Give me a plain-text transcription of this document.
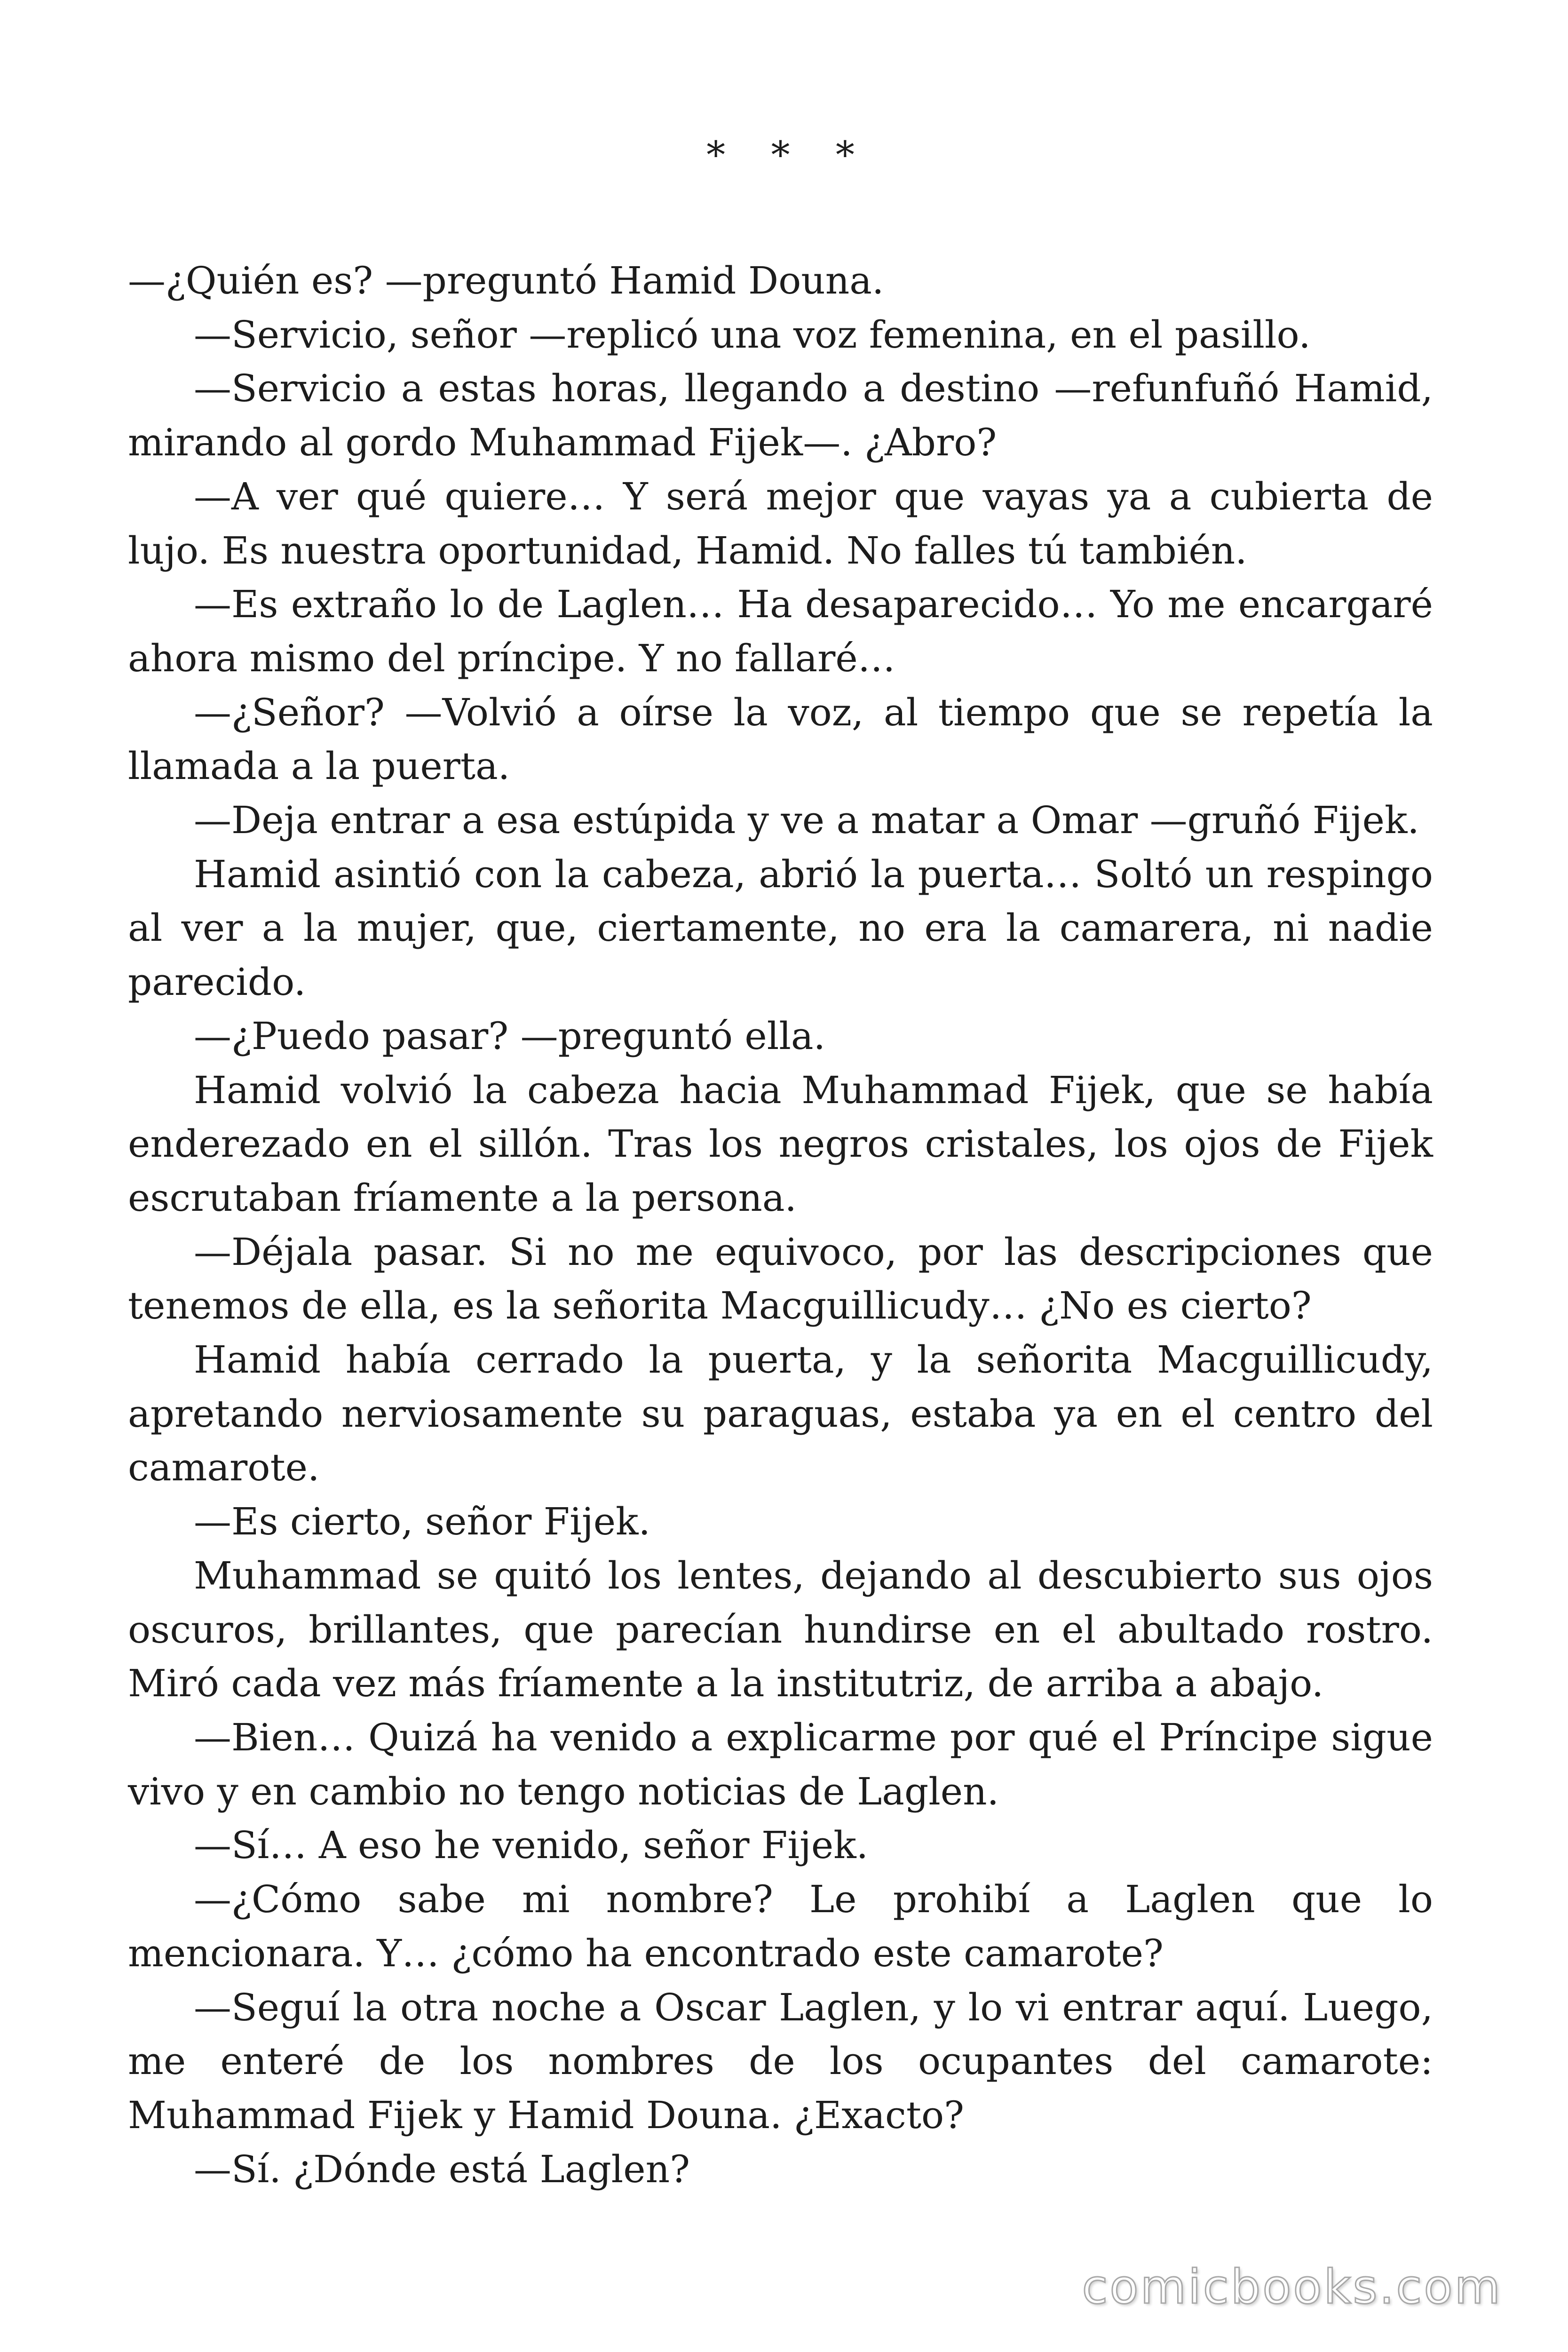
* * *

—¿Quién es? —preguntó Hamid Douna.

—Servicio, señor —replicó una voz femenina, en el pasillo.

—Servicio a estas horas, llegando a destino —refunfuñó Hamid, mirando al gordo Muhammad Fijek—. ¿Abro?

—A ver qué quiere… Y será mejor que vayas ya a cubierta de lujo. Es nuestra oportunidad, Hamid. No falles tú también.

—Es extraño lo de Laglen… Ha desaparecido… Yo me encargaré ahora mismo del príncipe. Y no fallaré…

—¿Señor? —Volvió a oírse la voz, al tiempo que se repetía la llamada a la puerta.

—Deja entrar a esa estúpida y ve a matar a Omar —gruñó Fijek.

Hamid asintió con la cabeza, abrió la puerta… Soltó un respingo al ver a la mujer, que, ciertamente, no era la camarera, ni nadie parecido.

—¿Puedo pasar? —preguntó ella.

Hamid volvió la cabeza hacia Muhammad Fijek, que se había enderezado en el sillón. Tras los negros cristales, los ojos de Fijek escrutaban fríamente a la persona.

—Déjala pasar. Si no me equivoco, por las descripciones que tenemos de ella, es la señorita Macguillicudy… ¿No es cierto?

Hamid había cerrado la puerta, y la señorita Macguillicudy, apretando nerviosamente su paraguas, estaba ya en el centro del camarote.

—Es cierto, señor Fijek.

Muhammad se quitó los lentes, dejando al descubierto sus ojos oscuros, brillantes, que parecían hundirse en el abultado rostro. Miró cada vez más fríamente a la institutriz, de arriba a abajo.

—Bien… Quizá ha venido a explicarme por qué el Príncipe sigue vivo y en cambio no tengo noticias de Laglen.

—Sí… A eso he venido, señor Fijek.

—¿Cómo sabe mi nombre? Le prohibí a Laglen que lo mencionara. Y… ¿cómo ha encontrado este camarote?

—Seguí la otra noche a Oscar Laglen, y lo vi entrar aquí. Luego, me enteré de los nombres de los ocupantes del camarote: Muhammad Fijek y Hamid Douna. ¿Exacto?

—Sí. ¿Dónde está Laglen?

comicbooks.com
